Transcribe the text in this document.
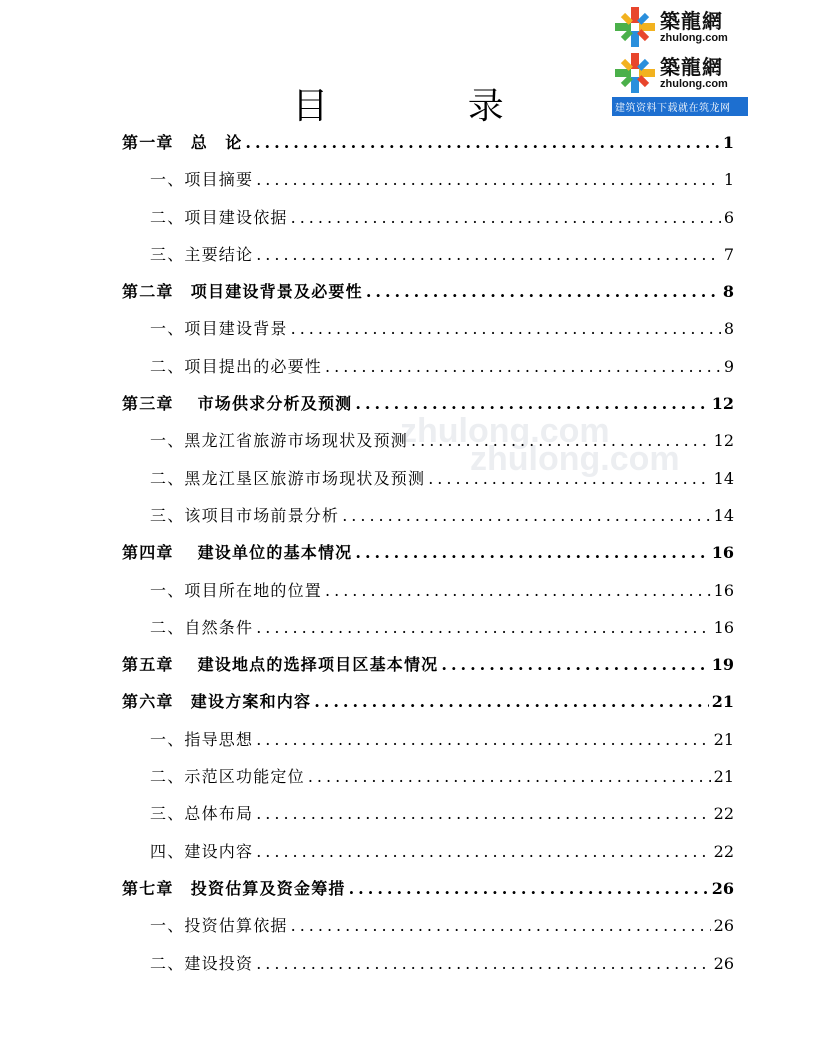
築龍網
zhulong.com
築龍網
zhulong.com
建筑资料下载就在筑龙网
zhulong.com
zhulong.com
目 录
第一章　总　论 .....	1
一、项目摘要 .....	1
二、项目建设依据 .....	6
三、主要结论 .....	7
第二章　项目建设背景及必要性 .....	8
一、项目建设背景 .....	8
二、项目提出的必要性 .....	9
第三章　 市场供求分析及预测 .....	12
一、黑龙江省旅游市场现状及预测 .....	12
二、黑龙江垦区旅游市场现状及预测 .....	14
三、该项目市场前景分析 .....	14
第四章　 建设单位的基本情况 .....	16
一、项目所在地的位置 .....	16
二、自然条件 .....	16
第五章　 建设地点的选择项目区基本情况 .....	19
第六章　建设方案和内容 .....	21
一、指导思想 .....	21
二、示范区功能定位 .....	21
三、总体布局 .....	22
四、建设内容 .....	22
第七章　投资估算及资金筹措 .....	26
一、投资估算依据 .....	26
二、建设投资 .....	26
